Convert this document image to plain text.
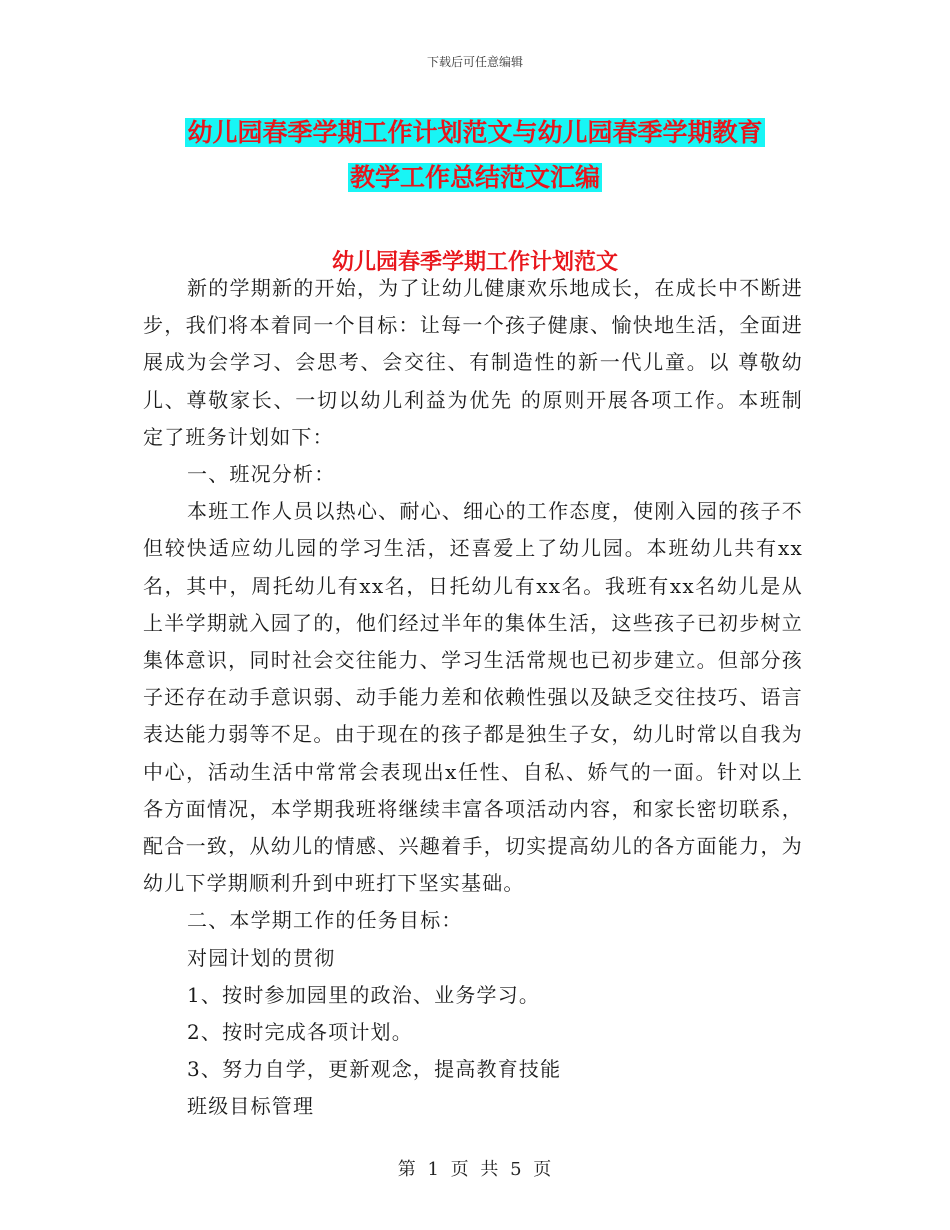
下载后可任意编辑
幼儿园春季学期工作计划范文与幼儿园春季学期教育
教学工作总结范文汇编
幼儿园春季学期工作计划范文

新的学期新的开始，为了让幼儿健康欢乐地成长，在成长中不断进步，我们将本着同一个目标：让每一个孩子健康、愉快地生活，全面进展成为会学习、会思考、会交往、有制造性的新一代儿童。以 尊敬幼儿、尊敬家长、一切以幼儿利益为优先 的原则开展各项工作。本班制定了班务计划如下：

一、班况分析：

本班工作人员以热心、耐心、细心的工作态度，使刚入园的孩子不但较快适应幼儿园的学习生活，还喜爱上了幼儿园。本班幼儿共有xx名，其中，周托幼儿有xx名，日托幼儿有xx名。我班有xx名幼儿是从上半学期就入园了的，他们经过半年的集体生活，这些孩子已初步树立集体意识，同时社会交往能力、学习生活常规也已初步建立。但部分孩子还存在动手意识弱、动手能力差和依赖性强以及缺乏交往技巧、语言表达能力弱等不足。由于现在的孩子都是独生子女，幼儿时常以自我为中心，活动生活中常常会表现出x任性、自私、娇气的一面。针对以上各方面情况，本学期我班将继续丰富各项活动内容，和家长密切联系，配合一致，从幼儿的情感、兴趣着手，切实提高幼儿的各方面能力，为幼儿下学期顺利升到中班打下坚实基础。

二、本学期工作的任务目标：

对园计划的贯彻

1、按时参加园里的政治、业务学习。

2、按时完成各项计划。

3、努力自学，更新观念，提高教育技能

班级目标管理

第 1 页 共 5 页
